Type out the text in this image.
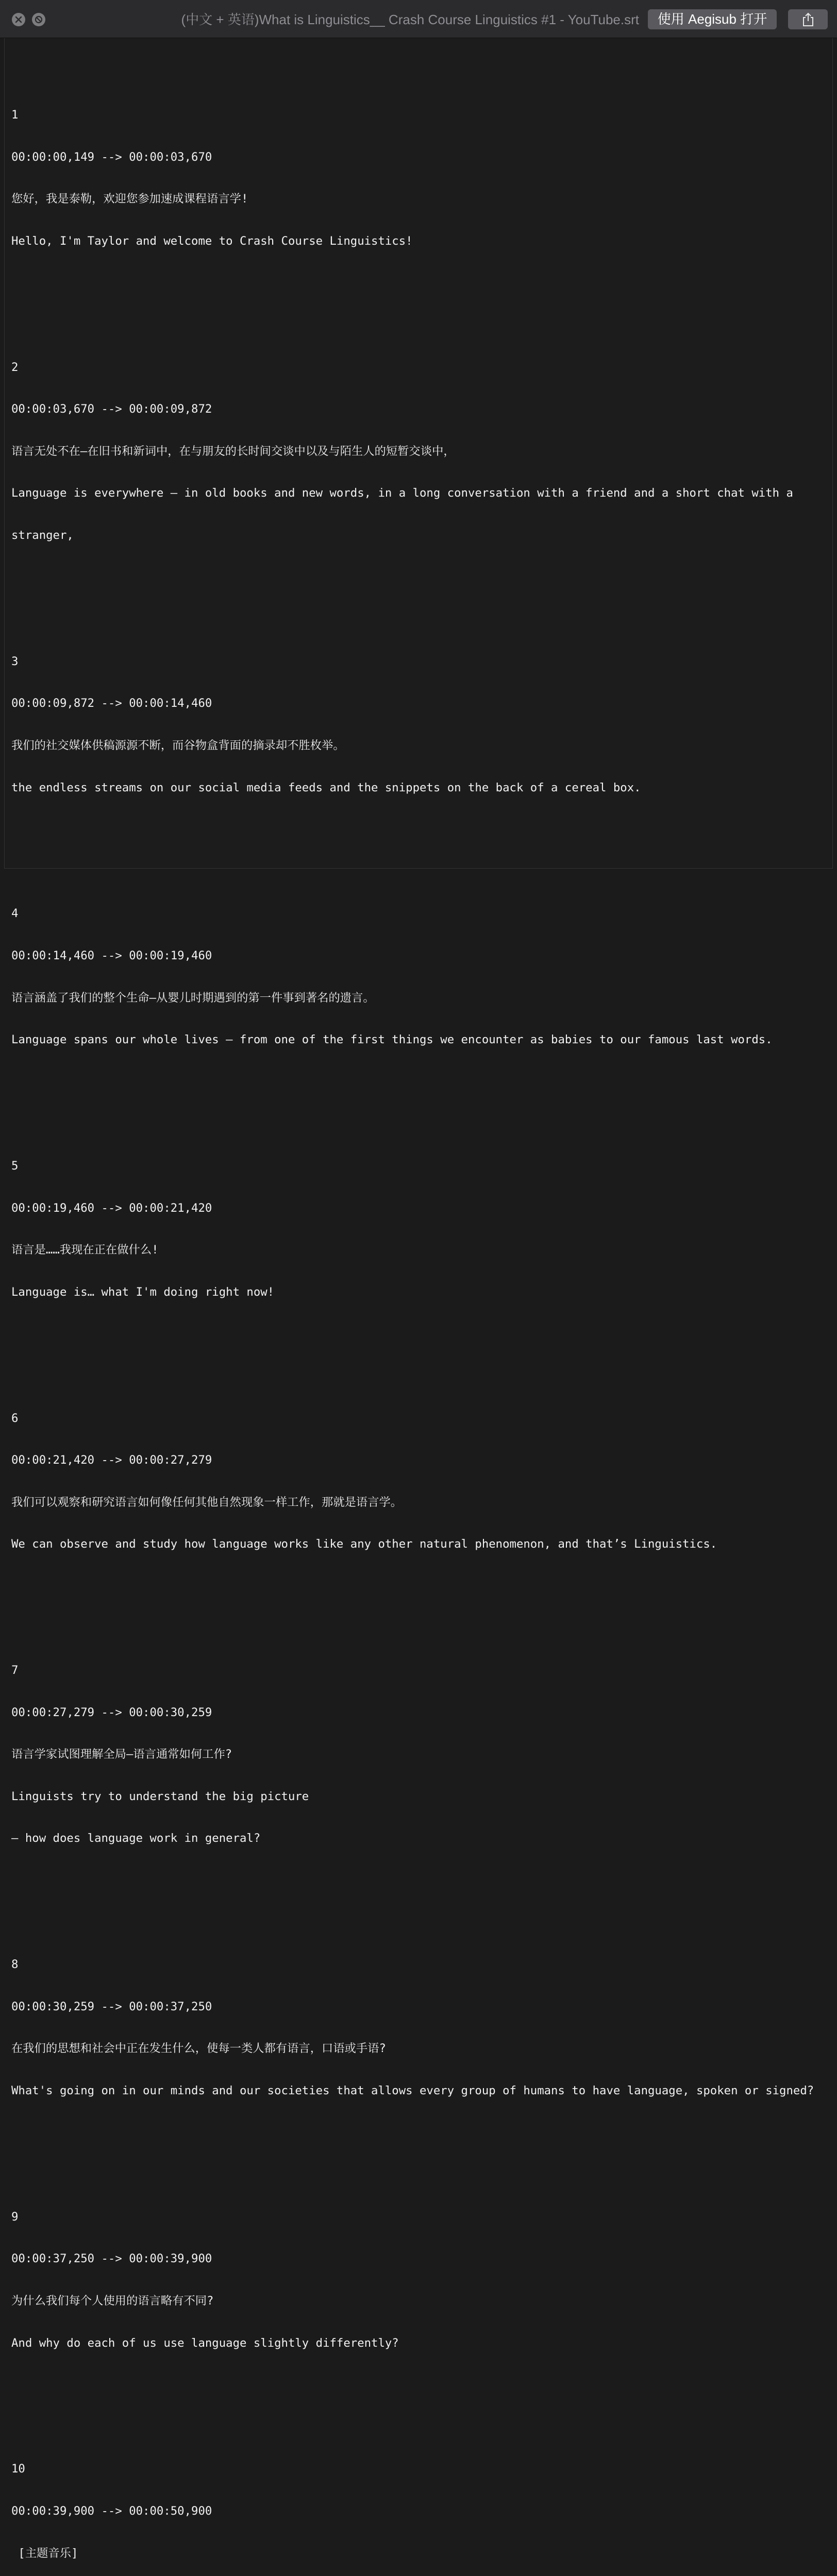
(中文 + 英语)What is Linguistics__ Crash Course Linguistics #1 - YouTube.srt	使用 Aegisub 打开

1

00:00:00,149 --> 00:00:03,670

您好，我是泰勒，欢迎您参加速成课程语言学!

Hello, I'm Taylor and welcome to Crash Course Linguistics!

2

00:00:03,670 --> 00:00:09,872

语言无处不在—在旧书和新词中，在与朋友的长时间交谈中以及与陌生人的短暂交谈中，

Language is everywhere – in old books and new words, in a long conversation with a friend and a short chat with a

stranger,

3

00:00:09,872 --> 00:00:14,460

我们的社交媒体供稿源源不断，而谷物盒背面的摘录却不胜枚举。

the endless streams on our social media feeds and the snippets on the back of a cereal box.

4

00:00:14,460 --> 00:00:19,460

语言涵盖了我们的整个生命—从婴儿时期遇到的第一件事到著名的遗言。

Language spans our whole lives – from one of the first things we encounter as babies to our famous last words.

5

00:00:19,460 --> 00:00:21,420

语言是……我现在正在做什么!

Language is… what I'm doing right now!

6

00:00:21,420 --> 00:00:27,279

我们可以观察和研究语言如何像任何其他自然现象一样工作，那就是语言学。

We can observe and study how language works like any other natural phenomenon, and that’s Linguistics.

7

00:00:27,279 --> 00:00:30,259

语言学家试图理解全局—语言通常如何工作?

Linguists try to understand the big picture

– how does language work in general?

8

00:00:30,259 --> 00:00:37,250

在我们的思想和社会中正在发生什么，使每一类人都有语言，口语或手语?

What's going on in our minds and our societies that allows every group of humans to have language, spoken or signed?

9

00:00:37,250 --> 00:00:39,900

为什么我们每个人使用的语言略有不同?

And why do each of us use language slightly differently?

10

00:00:39,900 --> 00:00:50,900

[主题音乐]
